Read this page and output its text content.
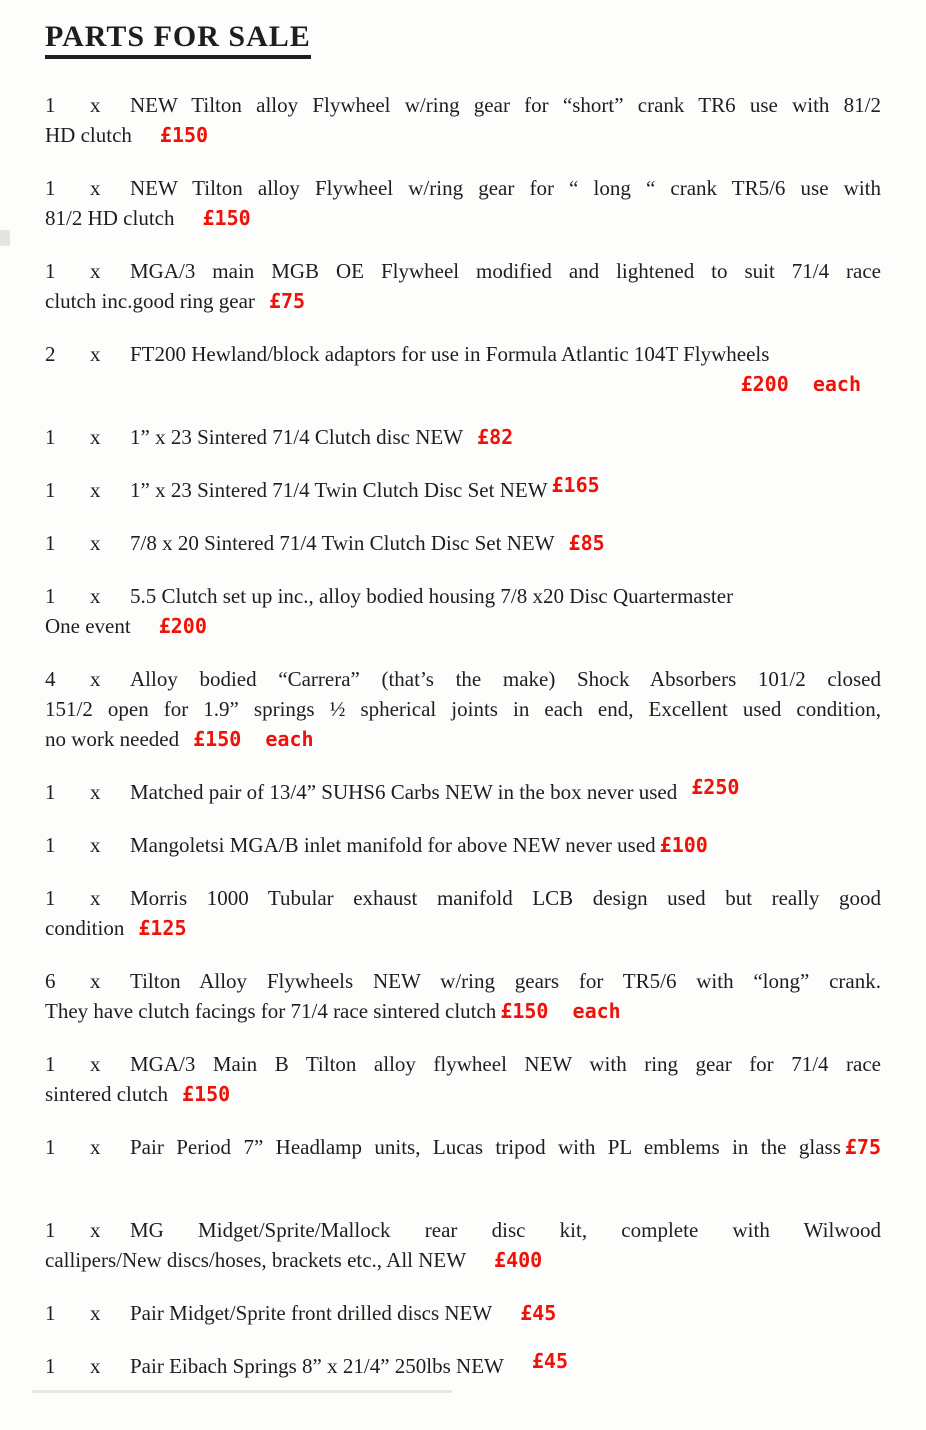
PARTS FOR SALE
1 x NEW Tilton alloy Flywheel w/ring gear for “short” crank TR6 use with 81/2
HD clutch £150
1 x NEW Tilton alloy Flywheel w/ring gear for “ long “ crank TR5/6 use with
81/2 HD clutch £150
1 x MGA/3 main MGB OE Flywheel modified and lightened to suit 71/4 race
clutch inc.good ring gear £75
2 x FT200 Hewland/block adaptors for use in Formula Atlantic 104T Flywheels
£200  each
1 x 1” x 23 Sintered 71/4 Clutch disc NEW £82
1 x 1” x 23 Sintered 71/4 Twin Clutch Disc Set NEW £165
1 x 7/8 x 20 Sintered 71/4 Twin Clutch Disc Set NEW £85
1 x 5.5 Clutch set up inc., alloy bodied housing 7/8 x20 Disc Quartermaster
One event £200
4 x Alloy bodied “Carrera” (that’s the make) Shock Absorbers 101/2 closed
151/2 open for 1.9” springs ½ spherical joints in each end, Excellent used condition,
no work needed £150  each
1 x Matched pair of 13/4” SUHS6 Carbs NEW in the box never used £250
1 x Mangoletsi MGA/B inlet manifold for above NEW never used £100
1 x Morris 1000 Tubular exhaust manifold LCB design used but really good
condition £125
6 x Tilton Alloy Flywheels NEW w/ring gears for TR5/6 with “long” crank.
They have clutch facings for 71/4 race sintered clutch £150  each
1 x MGA/3 Main B Tilton alloy flywheel NEW with ring gear for 71/4 race
sintered clutch £150
1 x Pair Period 7” Headlamp units, Lucas tripod with PL emblems in the glass £75
1 x MG Midget/Sprite/Mallock rear disc kit, complete with Wilwood
callipers/New discs/hoses, brackets etc., All NEW £400
1 x Pair Midget/Sprite front drilled discs NEW £45
1 x Pair Eibach Springs 8” x 21/4” 250lbs NEW £45
